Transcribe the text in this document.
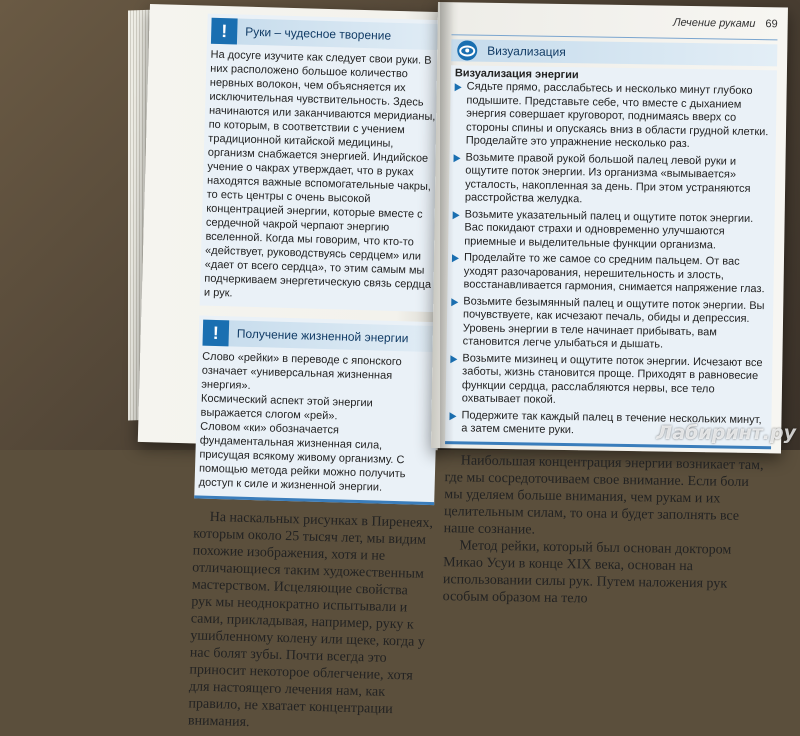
!	Руки – чудесное творение

На досуге изучите как следует свои руки. В них расположено большое количество нервных волокон, чем объясняется их исключительная чувствительность. Здесь начинаются или заканчиваются меридианы, по которым, в соответствии с учением традиционной китайской медицины, организм снабжается энергией. Индийское учение о чакрах утверждает, что в руках находятся важные вспомогательные чакры, то есть центры с очень высокой концентрацией энергии, которые вместе с сердечной чакрой черпают энергию вселенной. Когда мы говорим, что кто-то «действует, руководствуясь сердцем» или «дает от всего сердца», то этим самым мы подчеркиваем энергетическую связь сердца и рук.

!	Получение жизненной энергии

Слово «рейки» в переводе с японского означает «универсальная жизненная энергия».

Космический аспект этой энергии выражается слогом «рей».

Словом «ки» обозначается фундаментальная жизненная сила, присущая всякому живому организму. С помощью метода рейки можно получить доступ к силе и жизненной энергии.

На наскальных рисунках в Пиренеях, которым около 25 тысяч лет, мы видим похожие изображения, хотя и не отличающиеся таким художественным мастерством. Исцеляющие свойства рук мы неоднократно испытывали и сами, прикладывая, например, руку к ушибленному колену или щеке, когда у нас болят зубы. Почти всегда это приносит некоторое облегчение, хотя для настоящего лечения нам, как правило, не хватает концентрации внимания.

Лечение руками 69
Визуализация

Визуализация энергии

Сядьте прямо, расслабьтесь и несколько минут глубоко подышите. Представьте себе, что вместе с дыханием энергия совершает круговорот, поднимаясь вверх со стороны спины и опускаясь вниз в области грудной клетки. Проделайте это упражнение несколько раз.
Возьмите правой рукой большой палец левой руки и ощутите поток энергии. Из организма «вымывается» усталость, накопленная за день. При этом устраняются расстройства желудка.
Возьмите указательный палец и ощутите поток энергии. Вас покидают страхи и одновременно улучшаются приемные и выделительные функции организма.
Проделайте то же самое со средним пальцем. От вас уходят разочарования, нерешительность и злость, восстанавливается гармония, снимается напряжение глаз.
Возьмите безымянный палец и ощутите поток энергии. Вы почувствуете, как исчезают печаль, обиды и депрессия. Уровень энергии в теле начинает прибывать, вам становится легче улыбаться и дышать.
Возьмите мизинец и ощутите поток энергии. Исчезают все заботы, жизнь становится проще. Приходят в равновесие функции сердца, расслабляются нервы, все тело охватывает покой.
Подержите так каждый палец в течение нескольких минут, а затем смените руки.

Наибольшая концентрация энергии возникает там, где мы сосредоточиваем свое внимание. Если боли мы уделяем больше внимания, чем рукам и их целительным силам, то она и будет заполнять все наше сознание.

Метод рейки, который был основан доктором Микао Усуи в конце XIX века, основан на использовании силы рук. Путем наложения рук особым образом на тело

Лабиринт.ру
